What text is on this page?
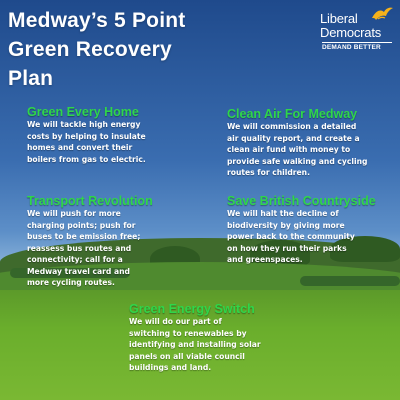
Medway’s 5 Point
Green Recovery
Plan
Liberal
Democrats
DEMAND BETTER
Green Every Home

We will tackle high energy
costs by helping to insulate
homes and convert their
boilers from gas to electric.

Clean Air For Medway

We will commission a detailed
air quality report, and create a
clean air fund with money to
provide safe walking and cycling
routes for children.

Transport Revolution

We will push for more
charging points; push for
buses to be emission free;
reassess bus routes and
connectivity; call for a
Medway travel card and
more cycling routes.

Save British Countryside

We will halt the decline of
biodiversity by giving more
power back to the community
on how they run their parks
and greenspaces.

Green Energy Switch

We will do our part of
switching to renewables by
identifying and installing solar
panels on all viable council
buildings and land.
